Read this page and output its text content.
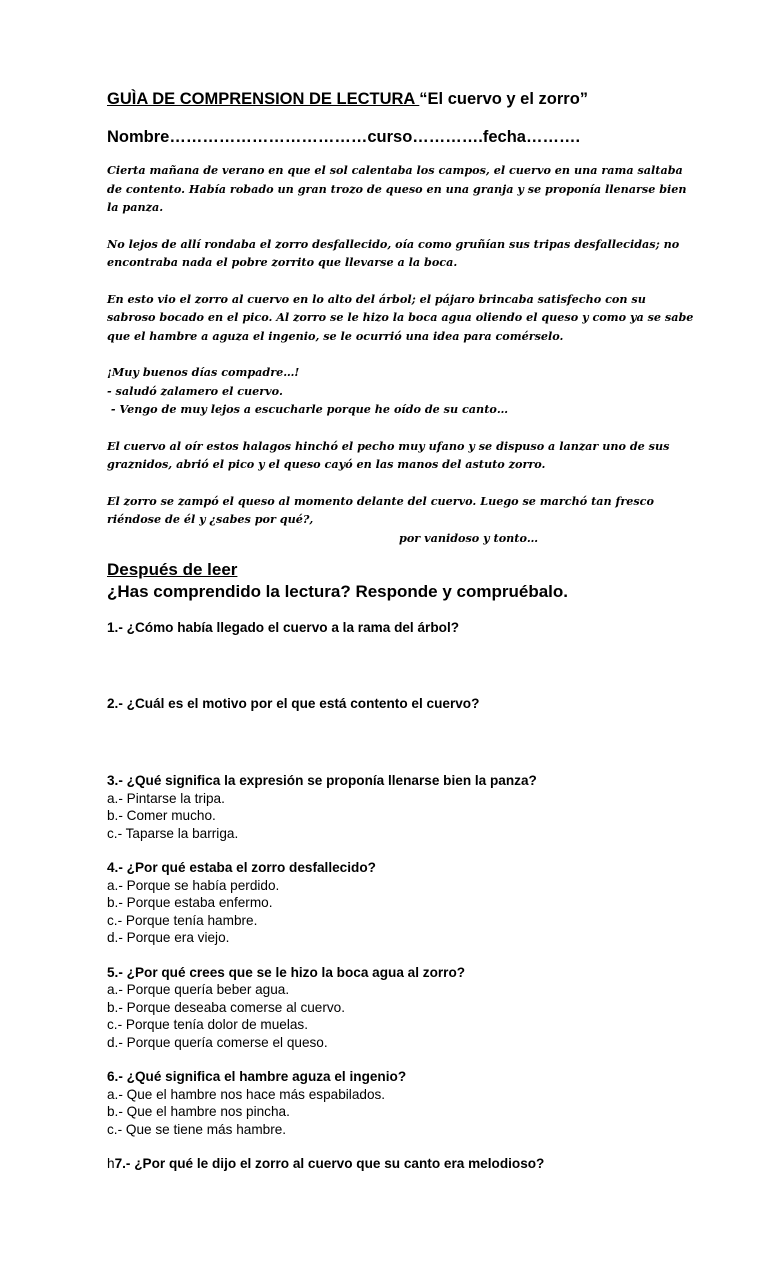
GUÌA DE COMPRENSION DE LECTURA “El cuervo y el zorro”
Nombre………………………………curso………….fecha……….
Cierta mañana de verano en que el sol calentaba los campos, el cuervo en una rama saltaba
de contento. Había robado un gran trozo de queso en una granja y se proponía llenarse bien
la panza.
No lejos de allí rondaba el zorro desfallecido, oía como gruñían sus tripas desfallecidas; no
encontraba nada el pobre zorrito que llevarse a la boca.
En esto vio el zorro al cuervo en lo alto del árbol; el pájaro brincaba satisfecho con su
sabroso bocado en el pico. Al zorro se le hizo la boca agua oliendo el queso y como ya se sabe
que el hambre a aguza el ingenio, se le ocurrió una idea para comérselo.
¡Muy buenos días compadre…!
- saludó zalamero el cuervo.
- Vengo de muy lejos a escucharle porque he oído de su canto…
El cuervo al oír estos halagos hinchó el pecho muy ufano y se dispuso a lanzar uno de sus
graznidos, abrió el pico y el queso cayó en las manos del astuto zorro.
El zorro se zampó el queso al momento delante del cuervo. Luego se marchó tan fresco
riéndose de él y ¿sabes por qué?,
por vanidoso y tonto…
Después de leer
¿Has comprendido la lectura? Responde y compruébalo.
1.- ¿Cómo había llegado el cuervo a la rama del árbol?
2.- ¿Cuál es el motivo por el que está contento el cuervo?
3.- ¿Qué significa la expresión se proponía llenarse bien la panza?
a.- Pintarse la tripa.
b.- Comer mucho.
c.- Taparse la barriga.
4.- ¿Por qué estaba el zorro desfallecido?
a.- Porque se había perdido.
b.- Porque estaba enfermo.
c.- Porque tenía hambre.
d.- Porque era viejo.
5.- ¿Por qué crees que se le hizo la boca agua al zorro?
a.- Porque quería beber agua.
b.- Porque deseaba comerse al cuervo.
c.- Porque tenía dolor de muelas.
d.- Porque quería comerse el queso.
6.- ¿Qué significa el hambre aguza el ingenio?
a.- Que el hambre nos hace más espabilados.
b.- Que el hambre nos pincha.
c.- Que se tiene más hambre.
h7.- ¿Por qué le dijo el zorro al cuervo que su canto era melodioso?
